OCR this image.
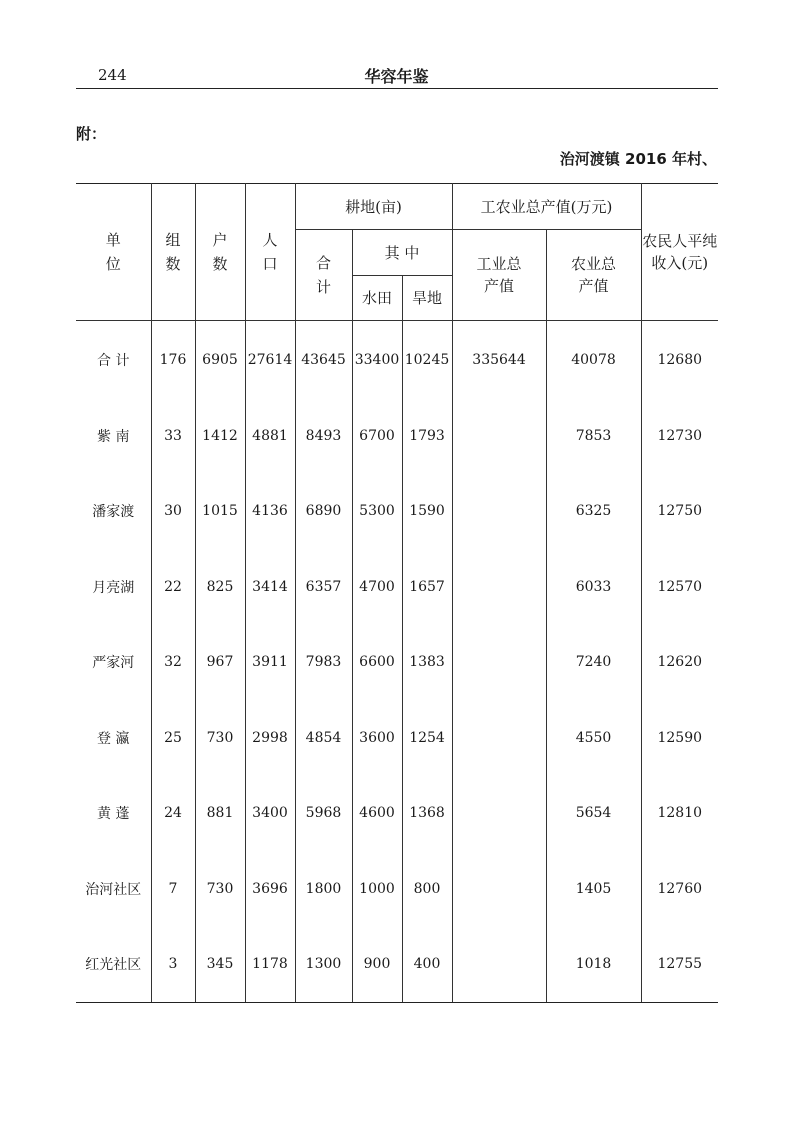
244	华容年鉴
附：
治河渡镇 2016 年村、
单位	组数	户数	人口	耕地(亩)			工农业总产值(万元)		农民人平纯收入(元)
				合计	其 中		工业总产值	农业总产值	
					水田	旱地			
合 计	176	6905	27614	43645	33400	10245	335644	40078	12680
紫 南	33	1412	4881	8493	6700	1793		7853	12730
潘家渡	30	1015	4136	6890	5300	1590		6325	12750
月亮湖	22	825	3414	6357	4700	1657		6033	12570
严家河	32	967	3911	7983	6600	1383		7240	12620
登 瀛	25	730	2998	4854	3600	1254		4550	12590
黄 蓬	24	881	3400	5968	4600	1368		5654	12810
治河社区	7	730	3696	1800	1000	800		1405	12760
红光社区	3	345	1178	1300	900	400		1018	12755
